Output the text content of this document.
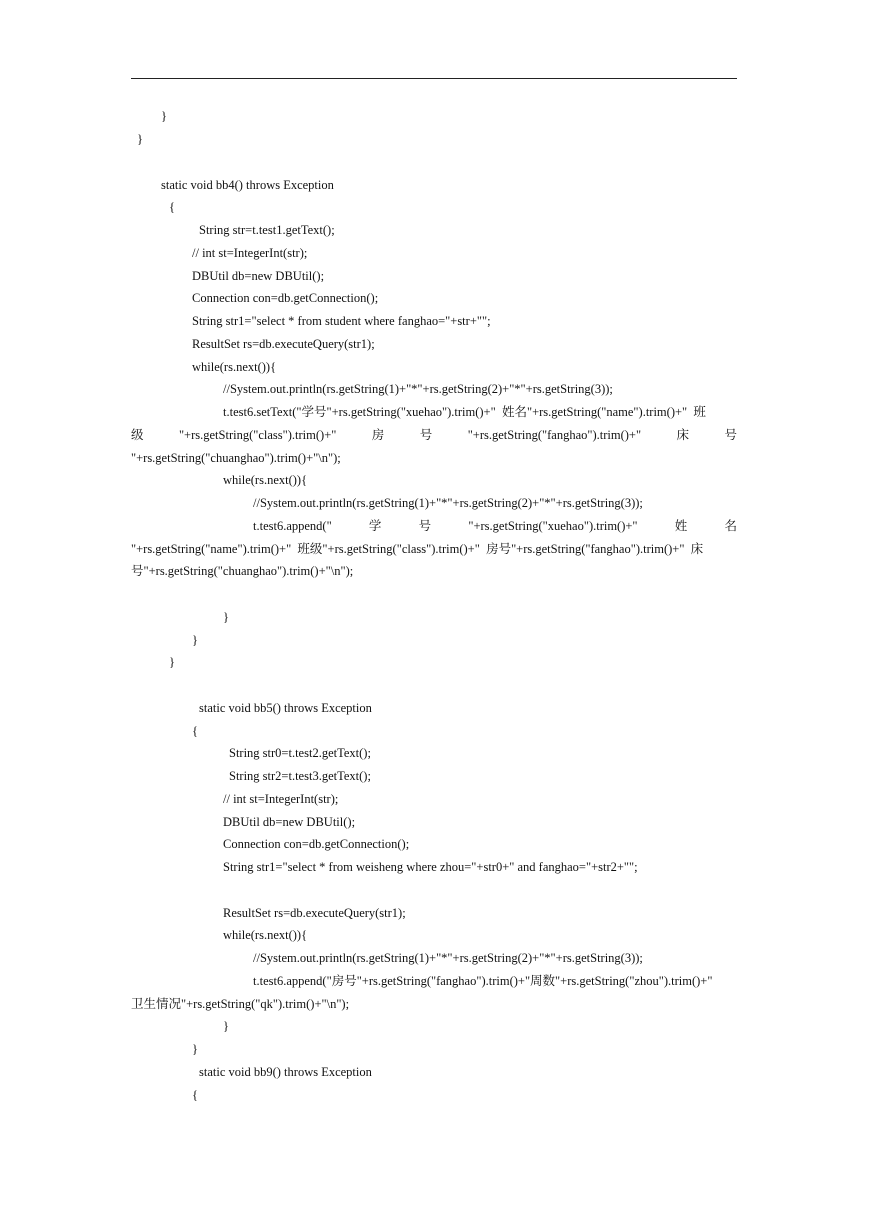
}
}
static void bb4() throws Exception
{
String str=t.test1.getText();
// int st=IntegerInt(str);
DBUtil db=new DBUtil();
Connection con=db.getConnection();
String str1="select * from student where fanghao="+str+"";
ResultSet rs=db.executeQuery(str1);
while(rs.next()){
//System.out.println(rs.getString(1)+"*"+rs.getString(2)+"*"+rs.getString(3));
t.test6.setText("学号"+rs.getString("xuehao").trim()+"  姓名"+rs.getString("name").trim()+"  班
级	"+rs.getString("class").trim()+"	房	号	"+rs.getString("fanghao").trim()+"	床	号
"+rs.getString("chuanghao").trim()+"\n");
while(rs.next()){
//System.out.println(rs.getString(1)+"*"+rs.getString(2)+"*"+rs.getString(3));
t.test6.append("	学	号	"+rs.getString("xuehao").trim()+"	姓	名
"+rs.getString("name").trim()+"  班级"+rs.getString("class").trim()+"  房号"+rs.getString("fanghao").trim()+"  床
号"+rs.getString("chuanghao").trim()+"\n");
}
}
}
static void bb5() throws Exception
{
String str0=t.test2.getText();
String str2=t.test3.getText();
// int st=IntegerInt(str);
DBUtil db=new DBUtil();
Connection con=db.getConnection();
String str1="select * from weisheng where zhou="+str0+" and fanghao="+str2+"";
ResultSet rs=db.executeQuery(str1);
while(rs.next()){
//System.out.println(rs.getString(1)+"*"+rs.getString(2)+"*"+rs.getString(3));
t.test6.append("房号"+rs.getString("fanghao").trim()+"周数"+rs.getString("zhou").trim()+"
卫生情况"+rs.getString("qk").trim()+"\n");
}
}
static void bb9() throws Exception
{
